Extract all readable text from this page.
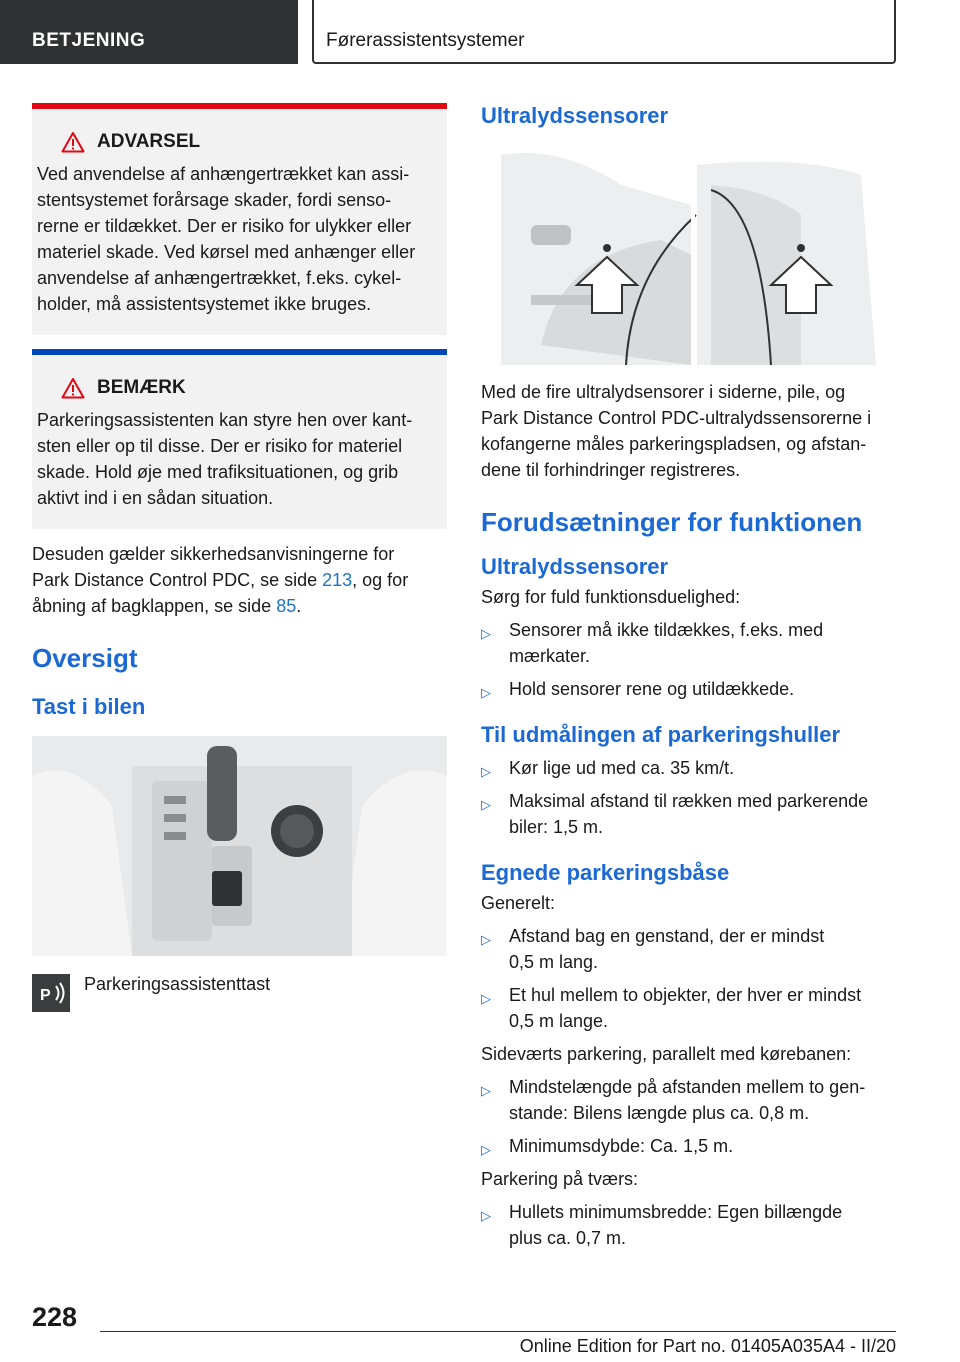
BETJENING	Førerassistentsystemer
ADVARSEL
Ved anvendelse af anhængertrækket kan assi-
stentsystemet forårsage skader, fordi senso-
rerne er tildækket. Der er risiko for ulykker eller
materiel skade. Ved kørsel med anhænger eller
anvendelse af anhængertrækket, f.eks. cykel-
holder, må assistentsystemet ikke bruges.
BEMÆRK
Parkeringsassistenten kan styre hen over kant-
sten eller op til disse. Der er risiko for materiel
skade. Hold øje med trafiksituationen, og grib
aktivt ind i en sådan situation.
Desuden gælder sikkerhedsanvisningerne for
Park Distance Control PDC, se side 213, og for
åbning af bagklappen, se side 85.
Oversigt
Tast i bilen
P
Parkeringsassistenttast
Ultralydssensorer
Med de fire ultralydsensorer i siderne, pile, og
Park Distance Control PDC-ultralydssensorerne i
kofangerne måles parkeringspladsen, og afstan-
dene til forhindringer registreres.
Forudsætninger for funktionen
Ultralydssensorer
Sørg for fuld funktionsduelighed:
▷ Sensorer må ikke tildækkes, f.eks. med
mærkater.
▷ Hold sensorer rene og utildækkede.
Til udmålingen af parkeringshuller
▷ Kør lige ud med ca. 35 km/t.
▷ Maksimal afstand til rækken med parkerende
biler: 1,5 m.
Egnede parkeringsbåse
Generelt:
▷ Afstand bag en genstand, der er mindst
0,5 m lang.
▷ Et hul mellem to objekter, der hver er mindst
0,5 m lange.
Sideværts parkering, parallelt med kørebanen:
▷ Mindstelængde på afstanden mellem to gen-
stande: Bilens længde plus ca. 0,8 m.
▷ Minimumsdybde: Ca. 1,5 m.
Parkering på tværs:
▷ Hullets minimumsbredde: Egen billængde
plus ca. 0,7 m.
228
Online Edition for Part no. 01405A035A4 - II/20
